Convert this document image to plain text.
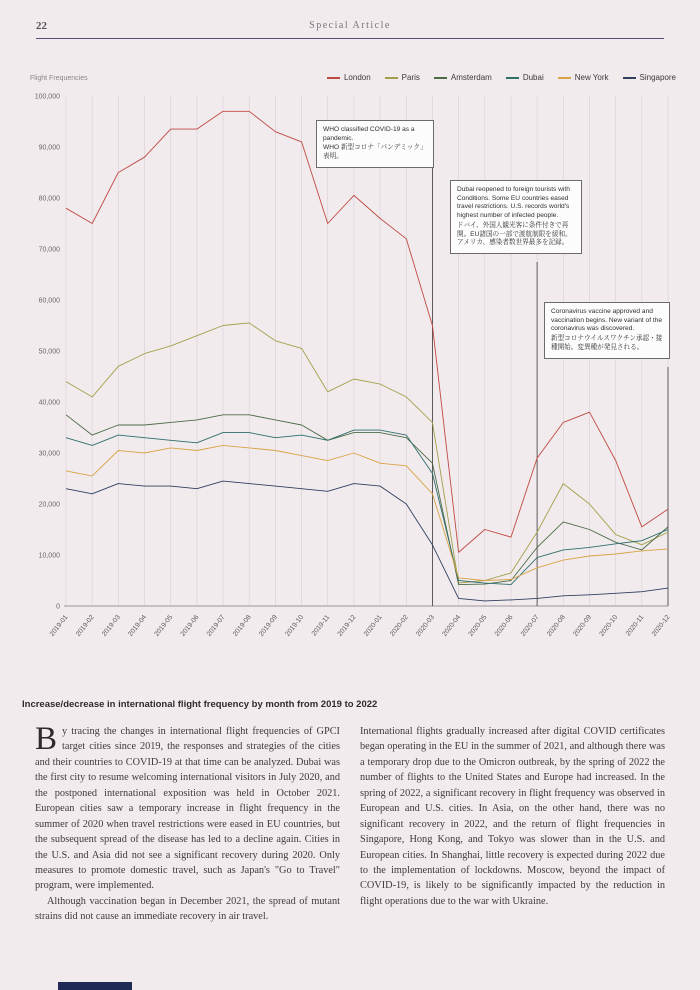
22	Special Article
Flight Frequencies	London	Paris	Amsterdam	Dubai	New York	Singapore
0
10,000
20,000
30,000
40,000
50,000
60,000
70,000
80,000
90,000
100,000
2019-01 2019-02 2019-03 2019-04 2019-05 2019-06 2019-07 2019-08 2019-09 2019-10 2019-11 2019-12 2020-01 2020-02 2020-03 2020-04 2020-05 2020-06 2020-07 2020-08 2020-09 2020-10 2020-11 2020-12

WHO classified COVID-19 as a pandemic.

WHO 新型コロナ「パンデミック」表明。

Dubai reopened to foreign tourists with Conditions. Some EU countries eased travel restrictions. U.S. records world's highest number of infected people.

ドバイ、外国人観光客に条件付きで再開。EU諸国の一部で渡航制限を緩和。アメリカ、感染者数世界最多を記録。

Coronavirus vaccine approved and vaccination begins. New variant of the coronavirus was discovered.

新型コロナウイルスワクチン承認・接種開始。変異種が発見される。

Increase/decrease in international flight frequency by month from 2019 to 2022

By tracing the changes in international flight frequencies of GPCI target cities since 2019, the responses and strategies of the cities and their countries to COVID-19 at that time can be analyzed. Dubai was the first city to resume welcoming international visitors in July 2020, and the postponed international exposition was held in October 2021. European cities saw a temporary increase in flight frequency in the summer of 2020 when travel restrictions were eased in EU countries, but the subsequent spread of the disease has led to a decline again. Cities in the U.S. and Asia did not see a significant recovery during 2020. Only measures to promote domestic travel, such as Japan's "Go to Travel" program, were implemented.

Although vaccination began in December 2021, the spread of mutant strains did not cause an immediate recovery in air travel.

International flights gradually increased after digital COVID certificates began operating in the EU in the summer of 2021, and although there was a temporary drop due to the Omicron outbreak, by the spring of 2022 the number of flights to the United States and Europe had increased. In the spring of 2022, a significant recovery in flight frequency was observed in European and U.S. cities. In Asia, on the other hand, there was no significant recovery in 2022, and the return of flight frequencies in Singapore, Hong Kong, and Tokyo was slower than in the U.S. and European cities. In Shanghai, little recovery is expected during 2022 due to the implementation of lockdowns. Moscow, beyond the impact of COVID-19, is likely to be significantly impacted by the reduction in flight operations due to the war with Ukraine.
